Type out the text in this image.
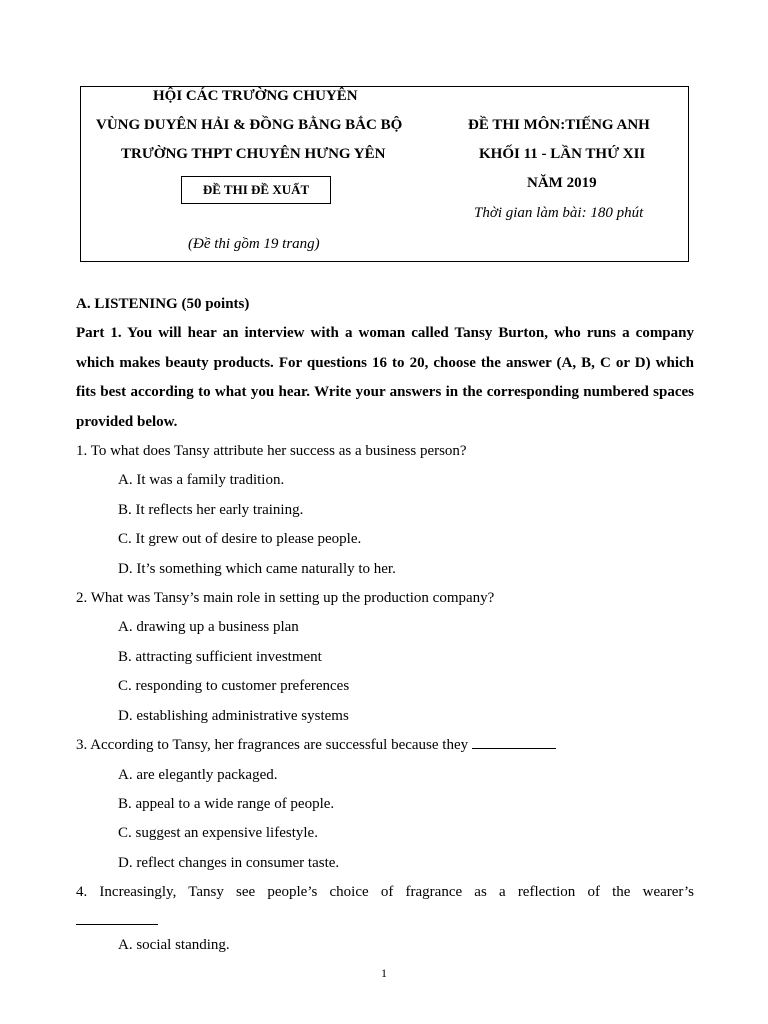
HỘI CÁC TRƯỜNG CHUYÊN
VÙNG DUYÊN HẢI & ĐỒNG BẰNG BẮC BỘ
TRƯỜNG THPT CHUYÊN HƯNG YÊN
ĐỀ THI ĐỀ XUẤT
(Đề thi gồm 19 trang)
ĐỀ THI MÔN:TIẾNG ANH
KHỐI 11 - LẦN THỨ XII
NĂM 2019
Thời gian làm bài: 180 phút
A. LISTENING (50 points)
Part 1. You will hear an interview with a woman called Tansy Burton, who runs a company which makes beauty products. For questions 16 to 20, choose the answer (A, B, C or D) which fits best according to what you hear. Write your answers in the corresponding numbered spaces provided below.
1. To what does Tansy attribute her success as a business person?
A. It was a family tradition.
B. It reflects her early training.
C. It grew out of desire to please people.
D. It’s something which came naturally to her.
2. What was Tansy’s main role in setting up the production company?
A. drawing up a business plan
B. attracting sufficient investment
C. responding to customer preferences
D. establishing administrative systems
3. According to Tansy, her fragrances are successful because they
A. are elegantly packaged.
B. appeal to a wide range of people.
C. suggest an expensive lifestyle.
D. reflect changes in consumer taste.
4. Increasingly, Tansy see people’s choice of fragrance as a reflection of the wearer’s
A. social standing.
1
